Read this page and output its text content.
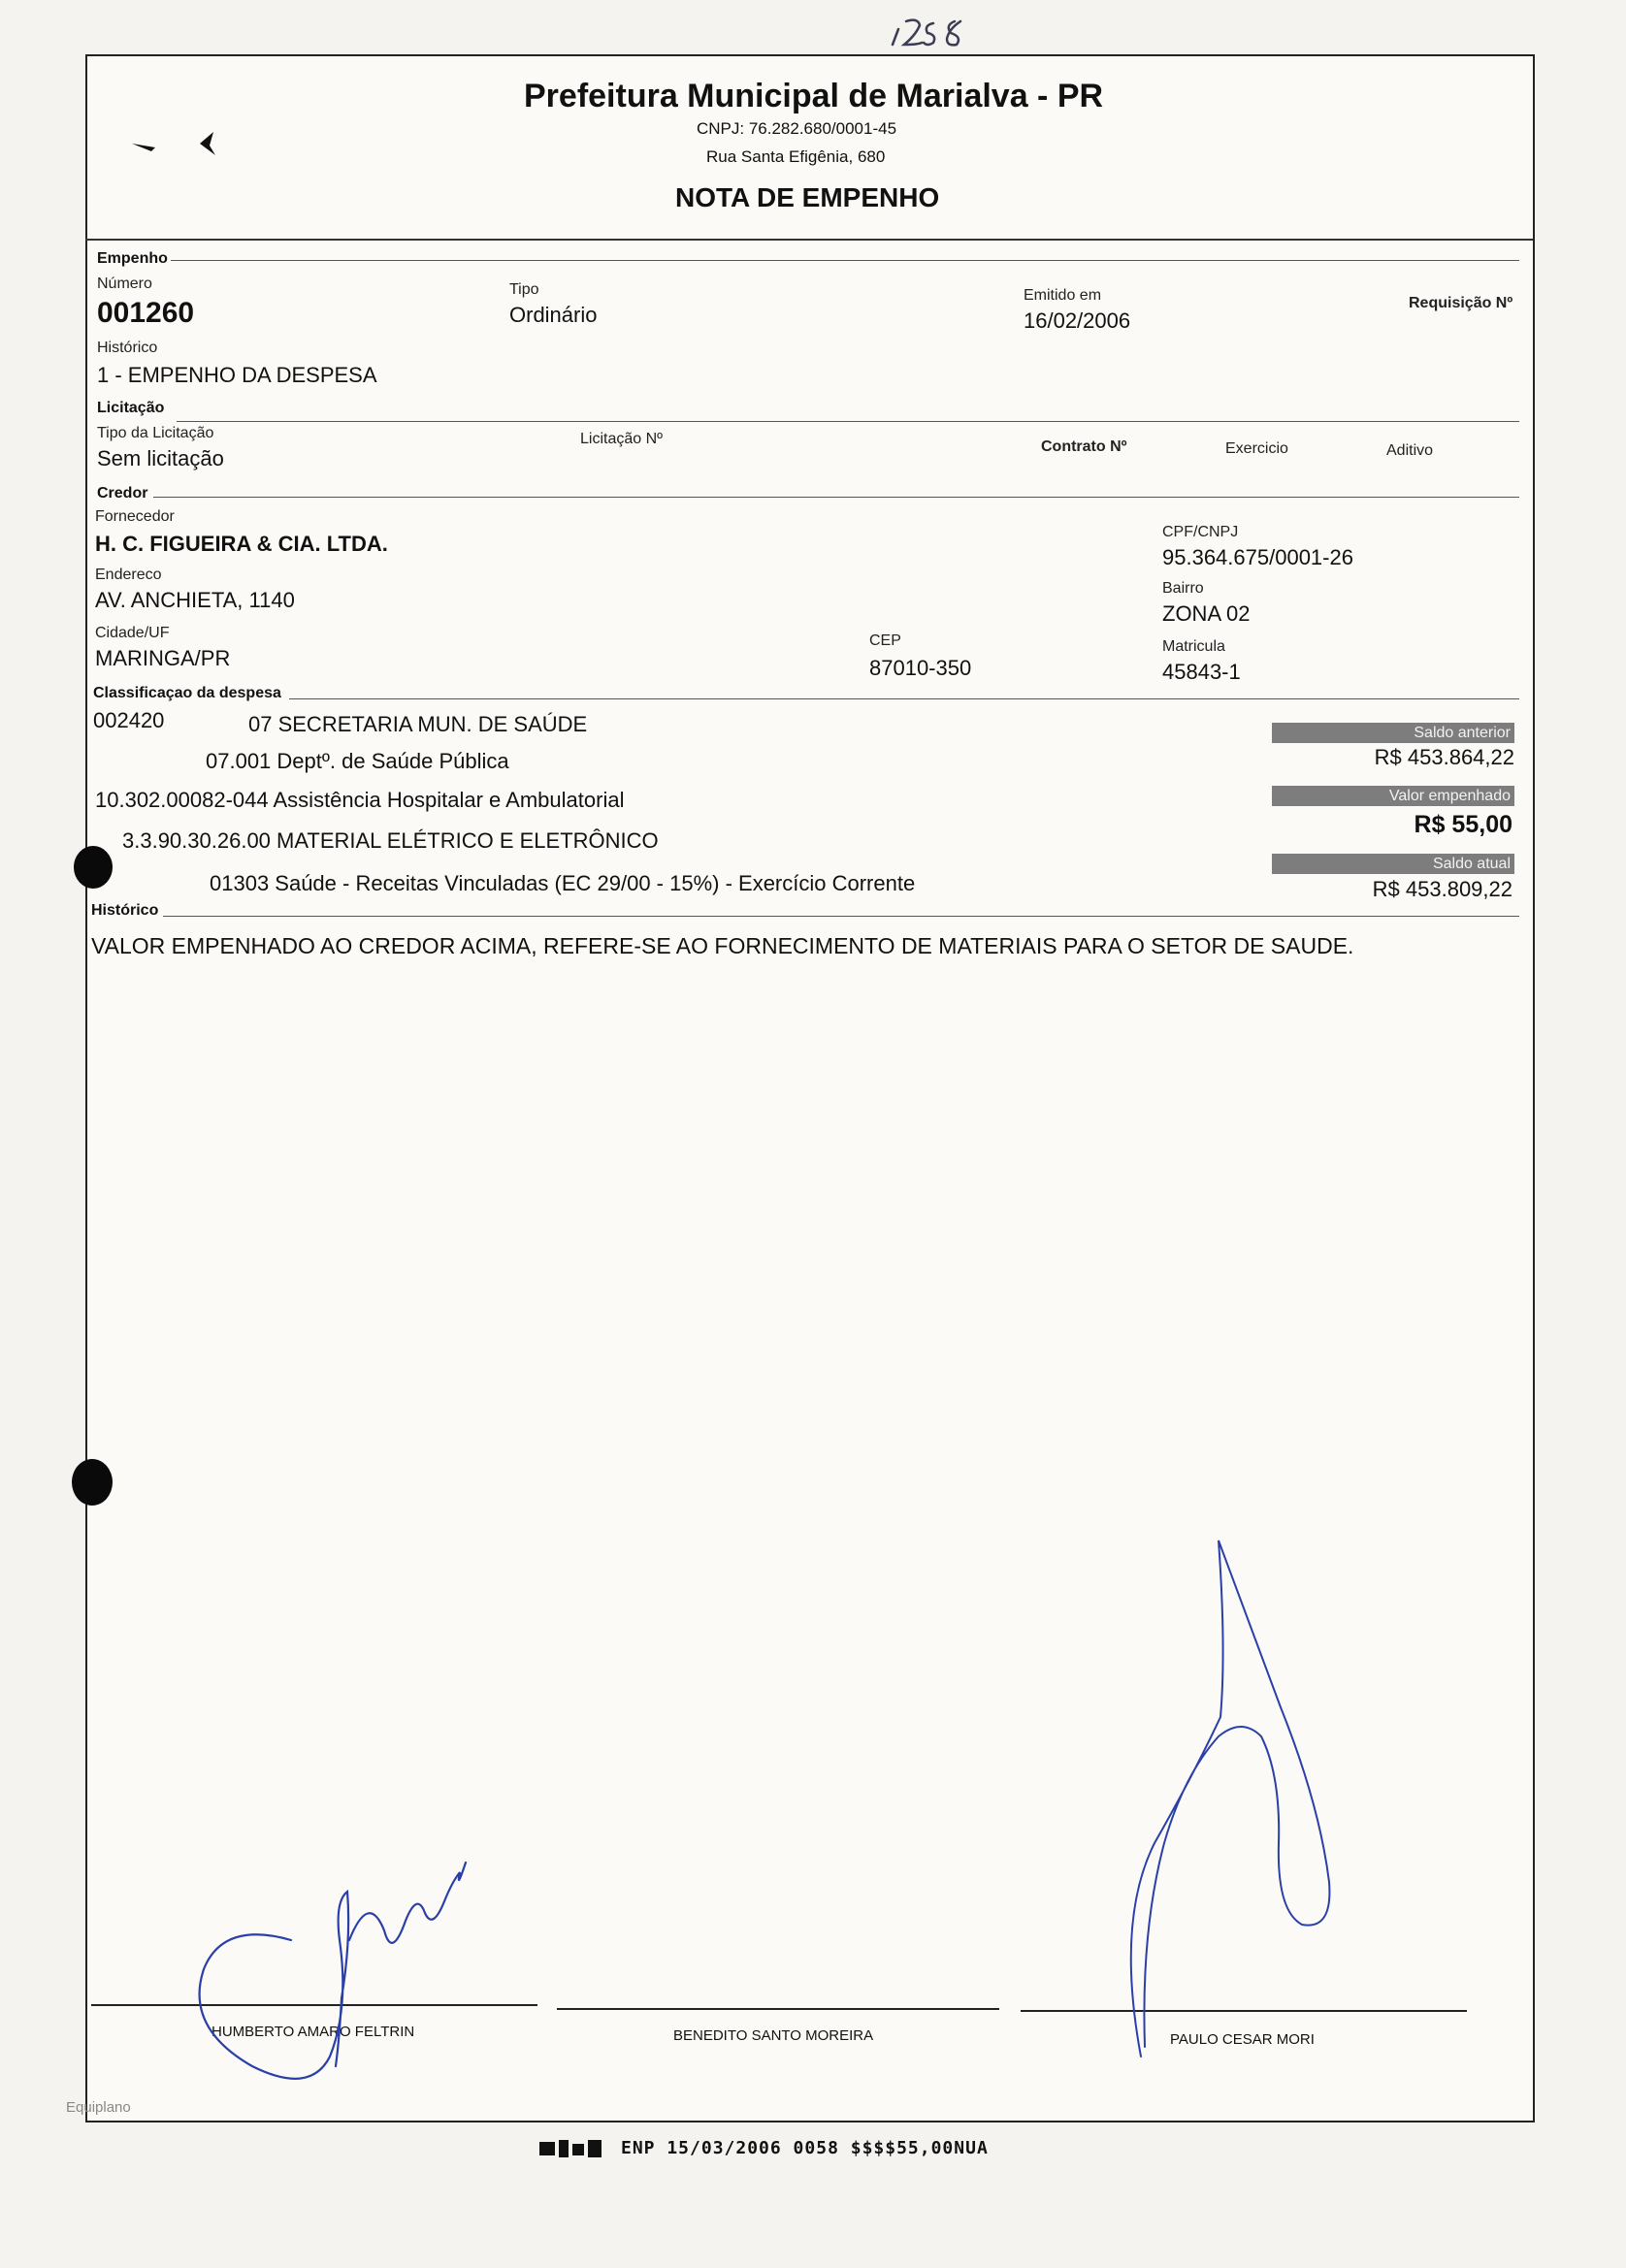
Prefeitura Municipal de Marialva - PR
CNPJ: 76.282.680/0001-45
Rua Santa Efigênia, 680
NOTA DE EMPENHO
Empenho
Número
001260
Tipo
Ordinário
Emitido em
16/02/2006
Requisição Nº
Histórico
1 - EMPENHO DA DESPESA
Licitação
Tipo da Licitação
Sem licitação
Licitação Nº	Contrato Nº	Exercicio	Aditivo
Credor
Fornecedor
H. C. FIGUEIRA & CIA. LTDA.	CPF/CNPJ
95.364.675/0001-26
Endereco
AV. ANCHIETA, 1140	Bairro
ZONA 02
Cidade/UF
MARINGA/PR
CEP
87010-350
Matricula
45843-1
Classificaçao da despesa
002420	07 SECRETARIA MUN. DE SAÚDE
07.001 Deptº. de Saúde Pública
10.302.00082-044 Assistência Hospitalar e Ambulatorial
3.3.90.30.26.00 MATERIAL ELÉTRICO E ELETRÔNICO
01303 Saúde - Receitas Vinculadas (EC 29/00 - 15%) - Exercício Corrente
Saldo anterior
R$ 453.864,22
Valor empenhado
R$ 55,00
Saldo atual
R$ 453.809,22
Histórico
VALOR EMPENHADO AO CREDOR ACIMA, REFERE-SE AO FORNECIMENTO DE MATERIAIS PARA O SETOR DE SAUDE.
HUMBERTO AMARO FELTRIN	BENEDITO SANTO MOREIRA	PAULO CESAR MORI
Equiplano
ENP 15/03/2006 0058 $$$$55,00NUA
